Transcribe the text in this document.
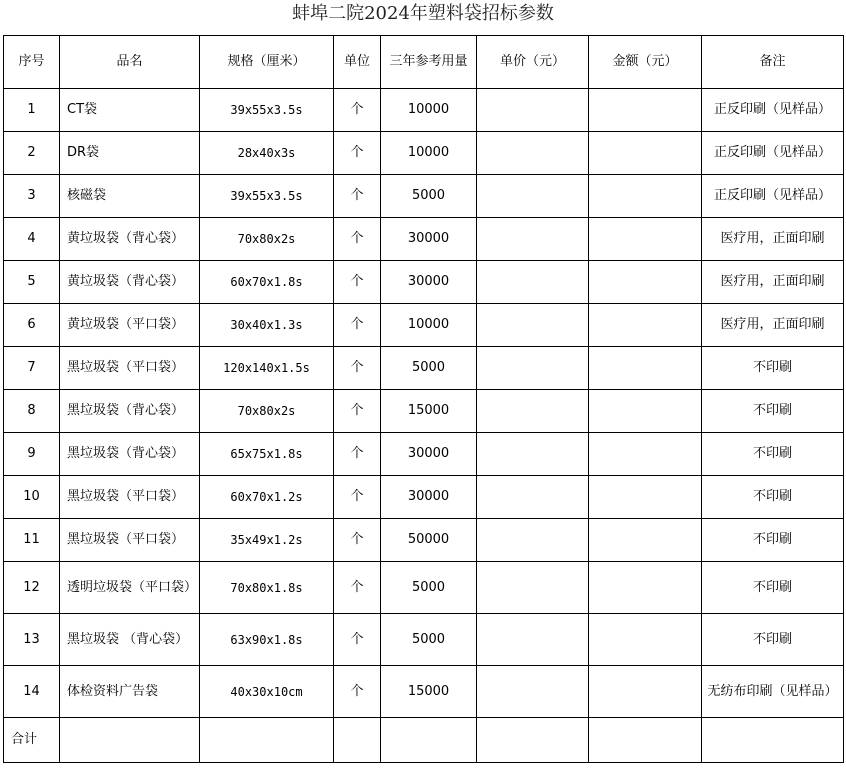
蚌埠二院2024年塑料袋招标参数
序号	品名	规格（厘米）	单位	三年参考用量	单价（元）	金额（元）	备注
1	CT袋	39x55x3.5s	个	10000			正反印刷（见样品）
2	DR袋	28x40x3s	个	10000			正反印刷（见样品）
3	核磁袋	39x55x3.5s	个	5000			正反印刷（见样品）
4	黄垃圾袋（背心袋）	70x80x2s	个	30000			医疗用，正面印刷
5	黄垃圾袋（背心袋）	60x70x1.8s	个	30000			医疗用，正面印刷
6	黄垃圾袋（平口袋）	30x40x1.3s	个	10000			医疗用，正面印刷
7	黑垃圾袋（平口袋）	120x140x1.5s	个	5000			不印刷
8	黑垃圾袋（背心袋）	70x80x2s	个	15000			不印刷
9	黑垃圾袋（背心袋）	65x75x1.8s	个	30000			不印刷
10	黑垃圾袋（平口袋）	60x70x1.2s	个	30000			不印刷
11	黑垃圾袋（平口袋）	35x49x1.2s	个	50000			不印刷
12	透明垃圾袋（平口袋）	70x80x1.8s	个	5000			不印刷
13	黑垃圾袋 （背心袋）	63x90x1.8s	个	5000			不印刷
14	体检资料广告袋	40x30x10cm	个	15000			无纺布印刷（见样品）
合计							
